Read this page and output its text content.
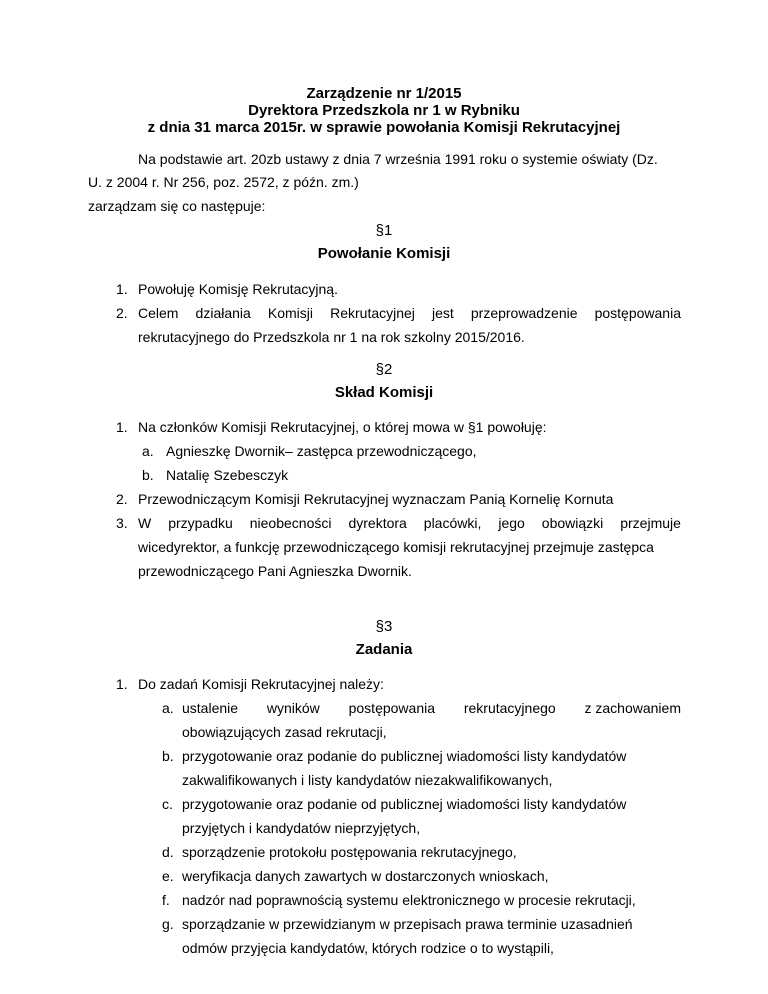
Zarządzenie nr 1/2015
Dyrektora Przedszkola nr 1 w Rybniku
z dnia 31 marca 2015r. w sprawie powołania Komisji Rekrutacyjnej
Na podstawie art. 20zb ustawy z dnia 7 września 1991 roku o systemie oświaty (Dz.
U. z 2004 r. Nr 256, poz. 2572, z późn. zm.)
zarządzam się co następuje:
§1
Powołanie Komisji
1. Powołuję Komisję Rekrutacyjną.
2. Celem działania Komisji Rekrutacyjnej jest przeprowadzenie postępowania
rekrutacyjnego do Przedszkola nr 1 na rok szkolny 2015/2016.
§2
Skład Komisji
1. Na członków Komisji Rekrutacyjnej, o której mowa w §1 powołuję:
a. Agnieszkę Dwornik– zastępca przewodniczącego,
b. Natalię Szebesczyk
2. Przewodniczącym Komisji Rekrutacyjnej wyznaczam Panią Kornelię Kornuta
3. W przypadku nieobecności dyrektora placówki, jego obowiązki przejmuje
wicedyrektor, a funkcję przewodniczącego komisji rekrutacyjnej przejmuje zastępca
przewodniczącego Pani Agnieszka Dwornik.
§3
Zadania
1. Do zadań Komisji Rekrutacyjnej należy:
a. ustalenie wyników postępowania rekrutacyjnego z zachowaniem
obowiązujących zasad rekrutacji,
b. przygotowanie oraz podanie do publicznej wiadomości listy kandydatów
zakwalifikowanych i listy kandydatów niezakwalifikowanych,
c. przygotowanie oraz podanie od publicznej wiadomości listy kandydatów
przyjętych i kandydatów nieprzyjętych,
d. sporządzenie protokołu postępowania rekrutacyjnego,
e. weryfikacja danych zawartych w dostarczonych wnioskach,
f. nadzór nad poprawnością systemu elektronicznego w procesie rekrutacji,
g. sporządzanie w przewidzianym w przepisach prawa terminie uzasadnień
odmów przyjęcia kandydatów, których rodzice o to wystąpili,
